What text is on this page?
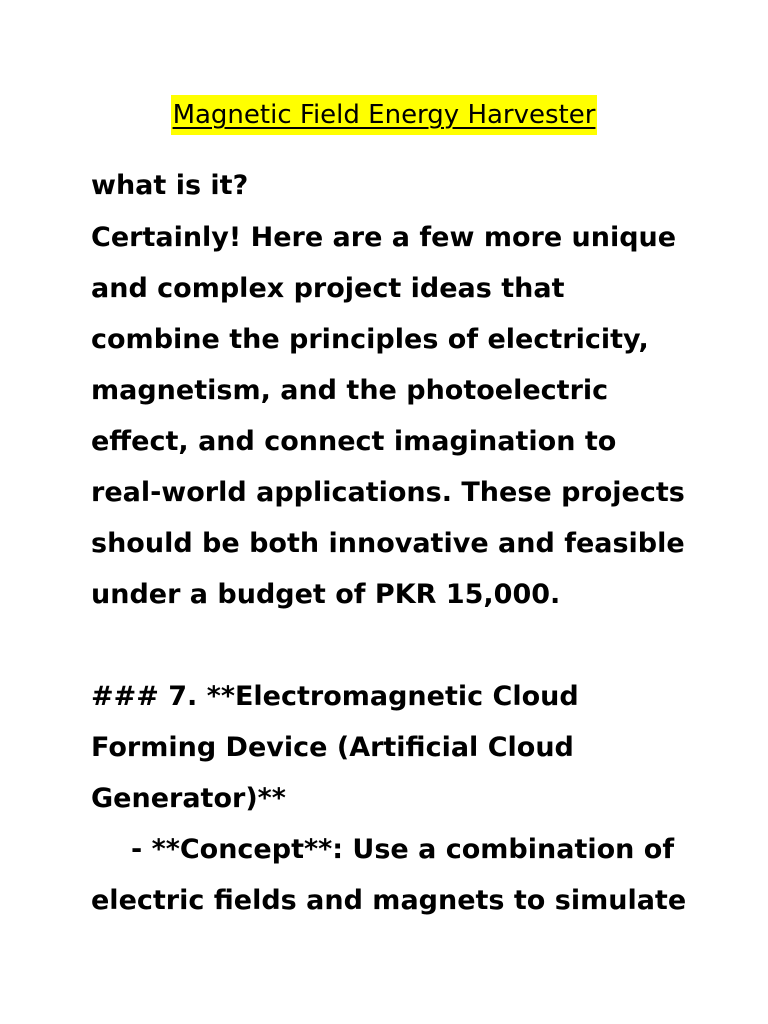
Magnetic Field Energy Harvester

what is it?

Certainly! Here are a few more unique and complex project ideas that combine the principles of electricity, magnetism, and the photoelectric effect, and connect imagination to real-world applications. These projects should be both innovative and feasible under a budget of PKR 15,000.

### 7. **Electromagnetic Cloud Forming Device (Artificial Cloud Generator)**

- **Concept**: Use a combination of electric fields and magnets to simulate
